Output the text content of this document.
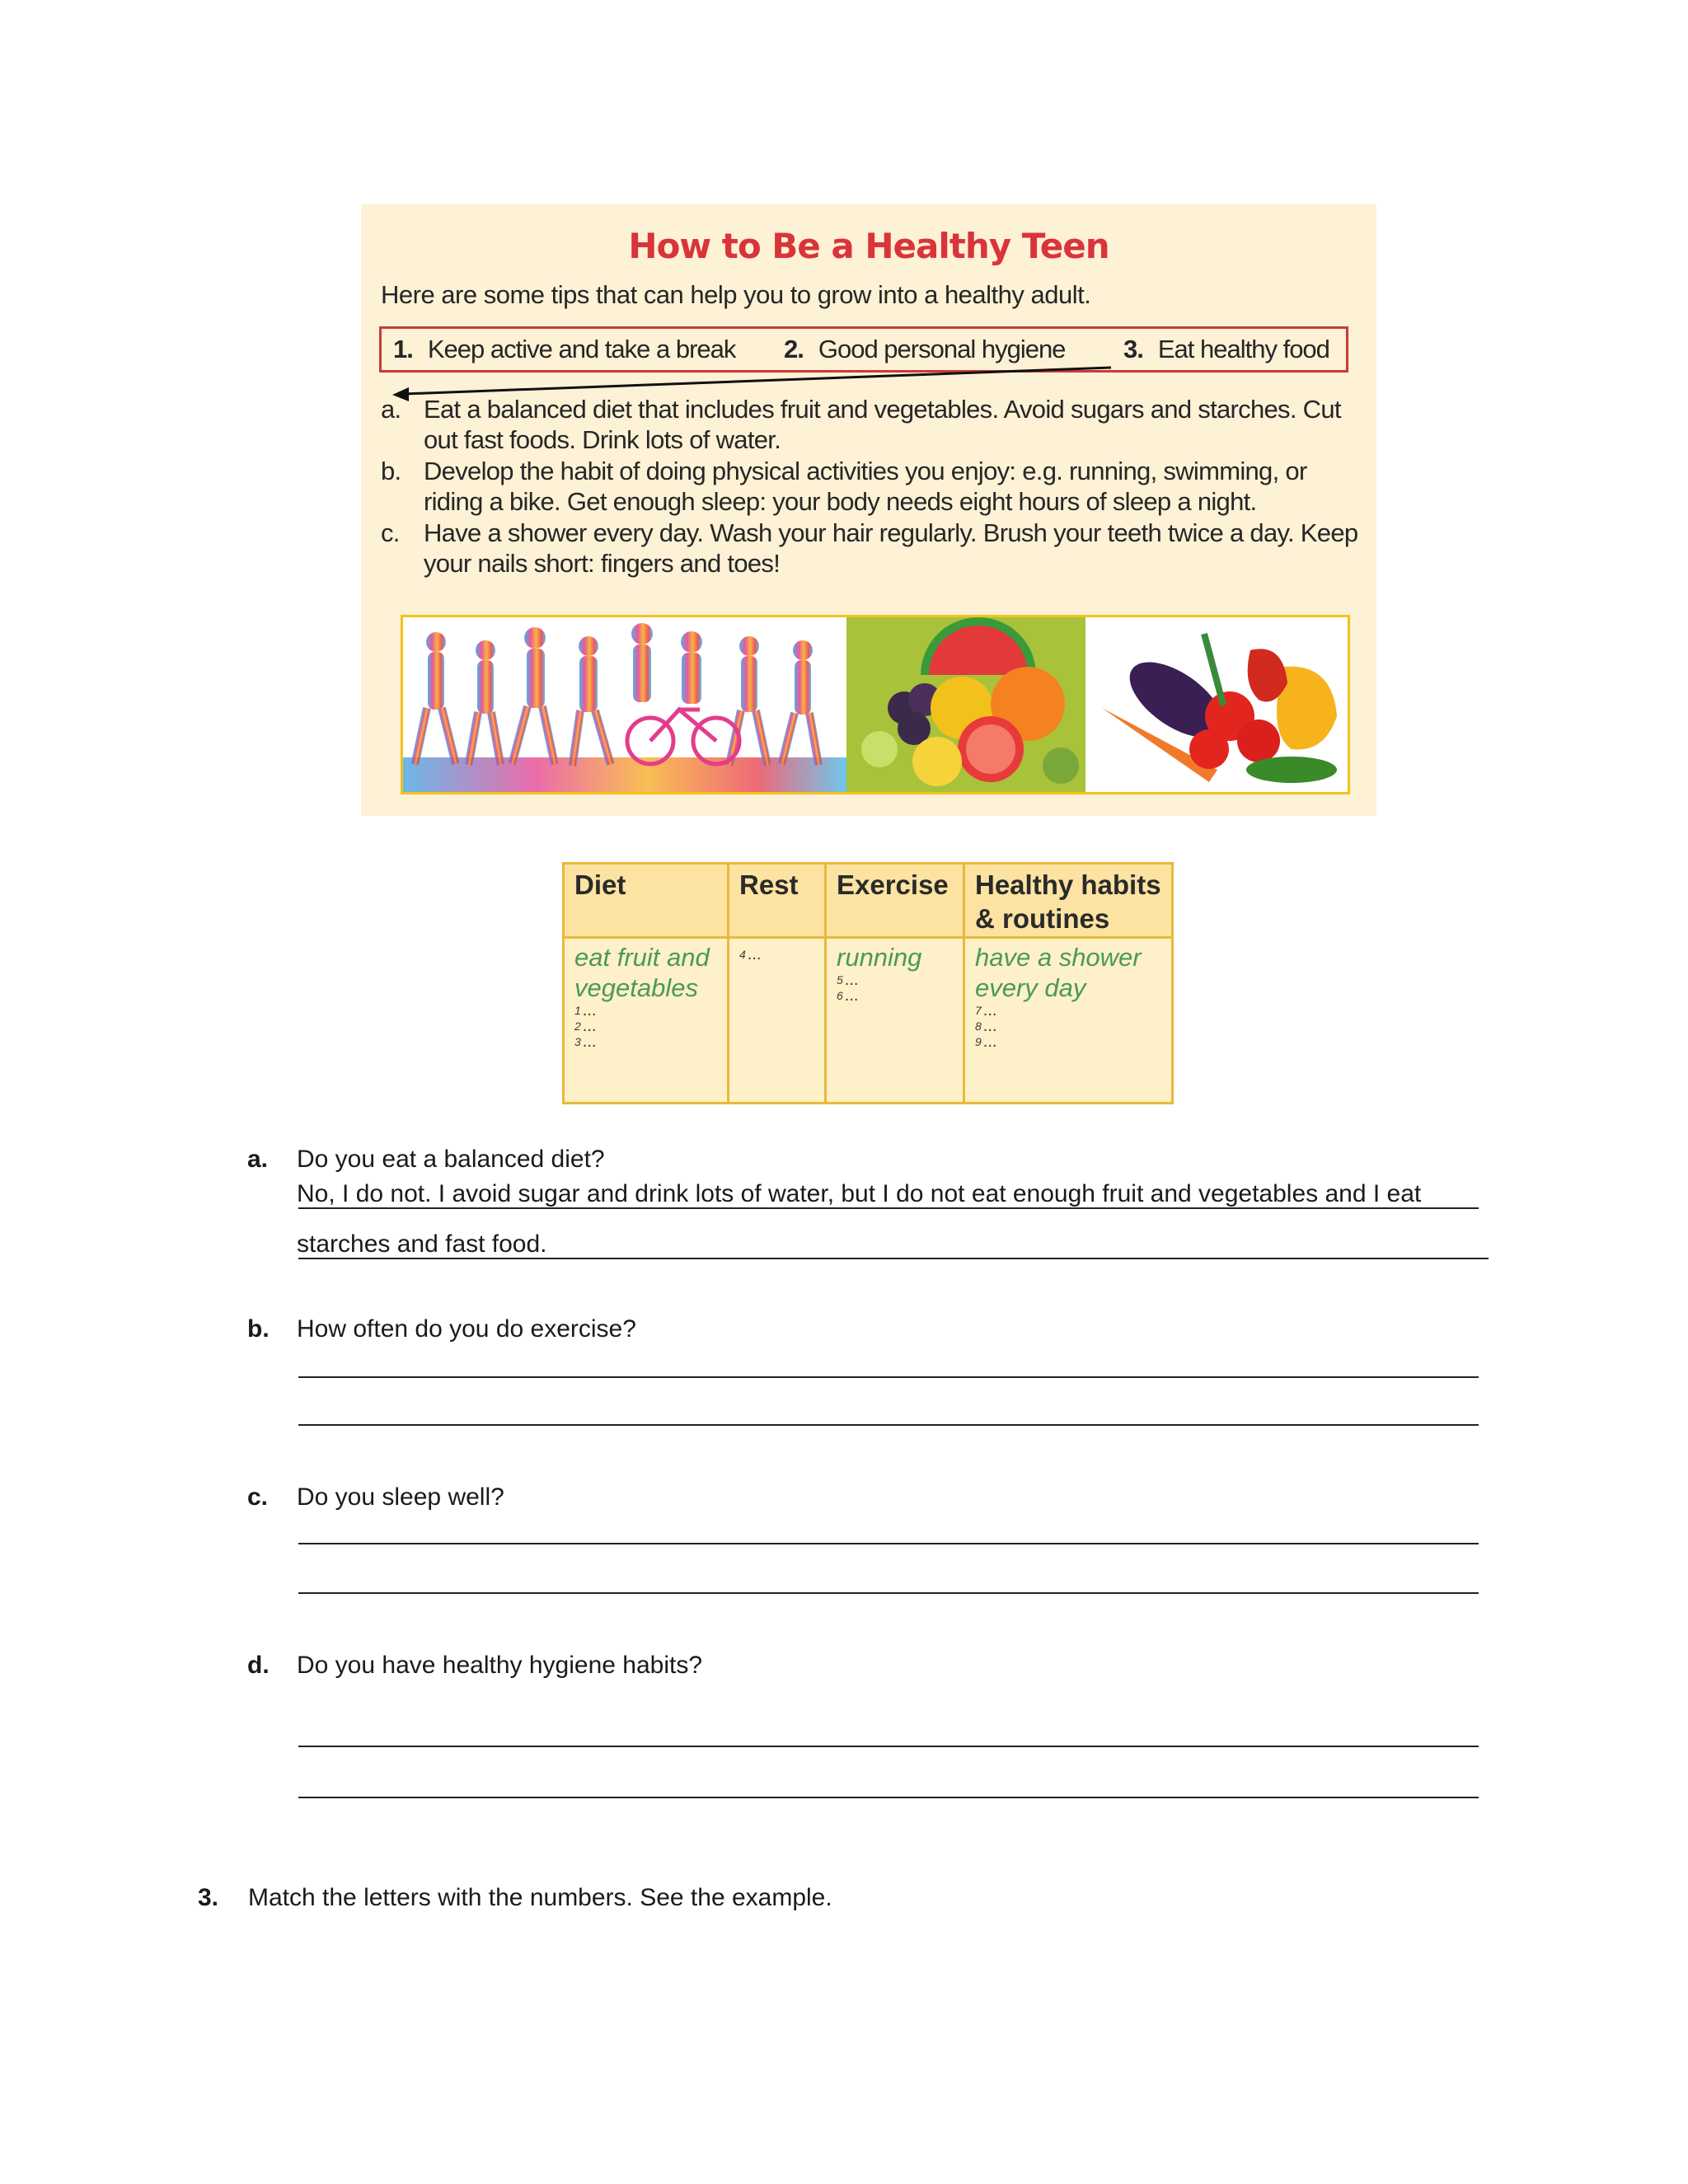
How to Be a Healthy Teen
Here are some tips that can help you to grow into a healthy adult.
1. Keep active and take a break 2. Good personal hygiene 3. Eat healthy food
a. Eat a balanced diet that includes fruit and vegetables. Avoid sugars and starches. Cut out fast foods. Drink lots of water.
b. Develop the habit of doing physical activities you enjoy: e.g. running, swimming, or riding a bike. Get enough sleep: your body needs eight hours of sleep a night.
c. Have a shower every day. Wash your hair regularly. Brush your teeth twice a day. Keep your nails short: fingers and toes!
Diet
eat fruit and vegetables
$^1$ ...
$^2$ ...
$^3$ ...
Rest
$^4$ ...
Exercise
running
$^5$ ...
$^6$ ...
Healthy habits & routines
have a shower every day
$^7$ ...
$^8$ ...
$^9$ ...
a. Do you eat a balanced diet?
No, I do not. I avoid sugar and drink lots of water, but I do not eat enough fruit and vegetables and I eat
starches and fast food.
b. How often do you do exercise?
c. Do you sleep well?
d. Do you have healthy hygiene habits?
3. Match the letters with the numbers. See the example.
